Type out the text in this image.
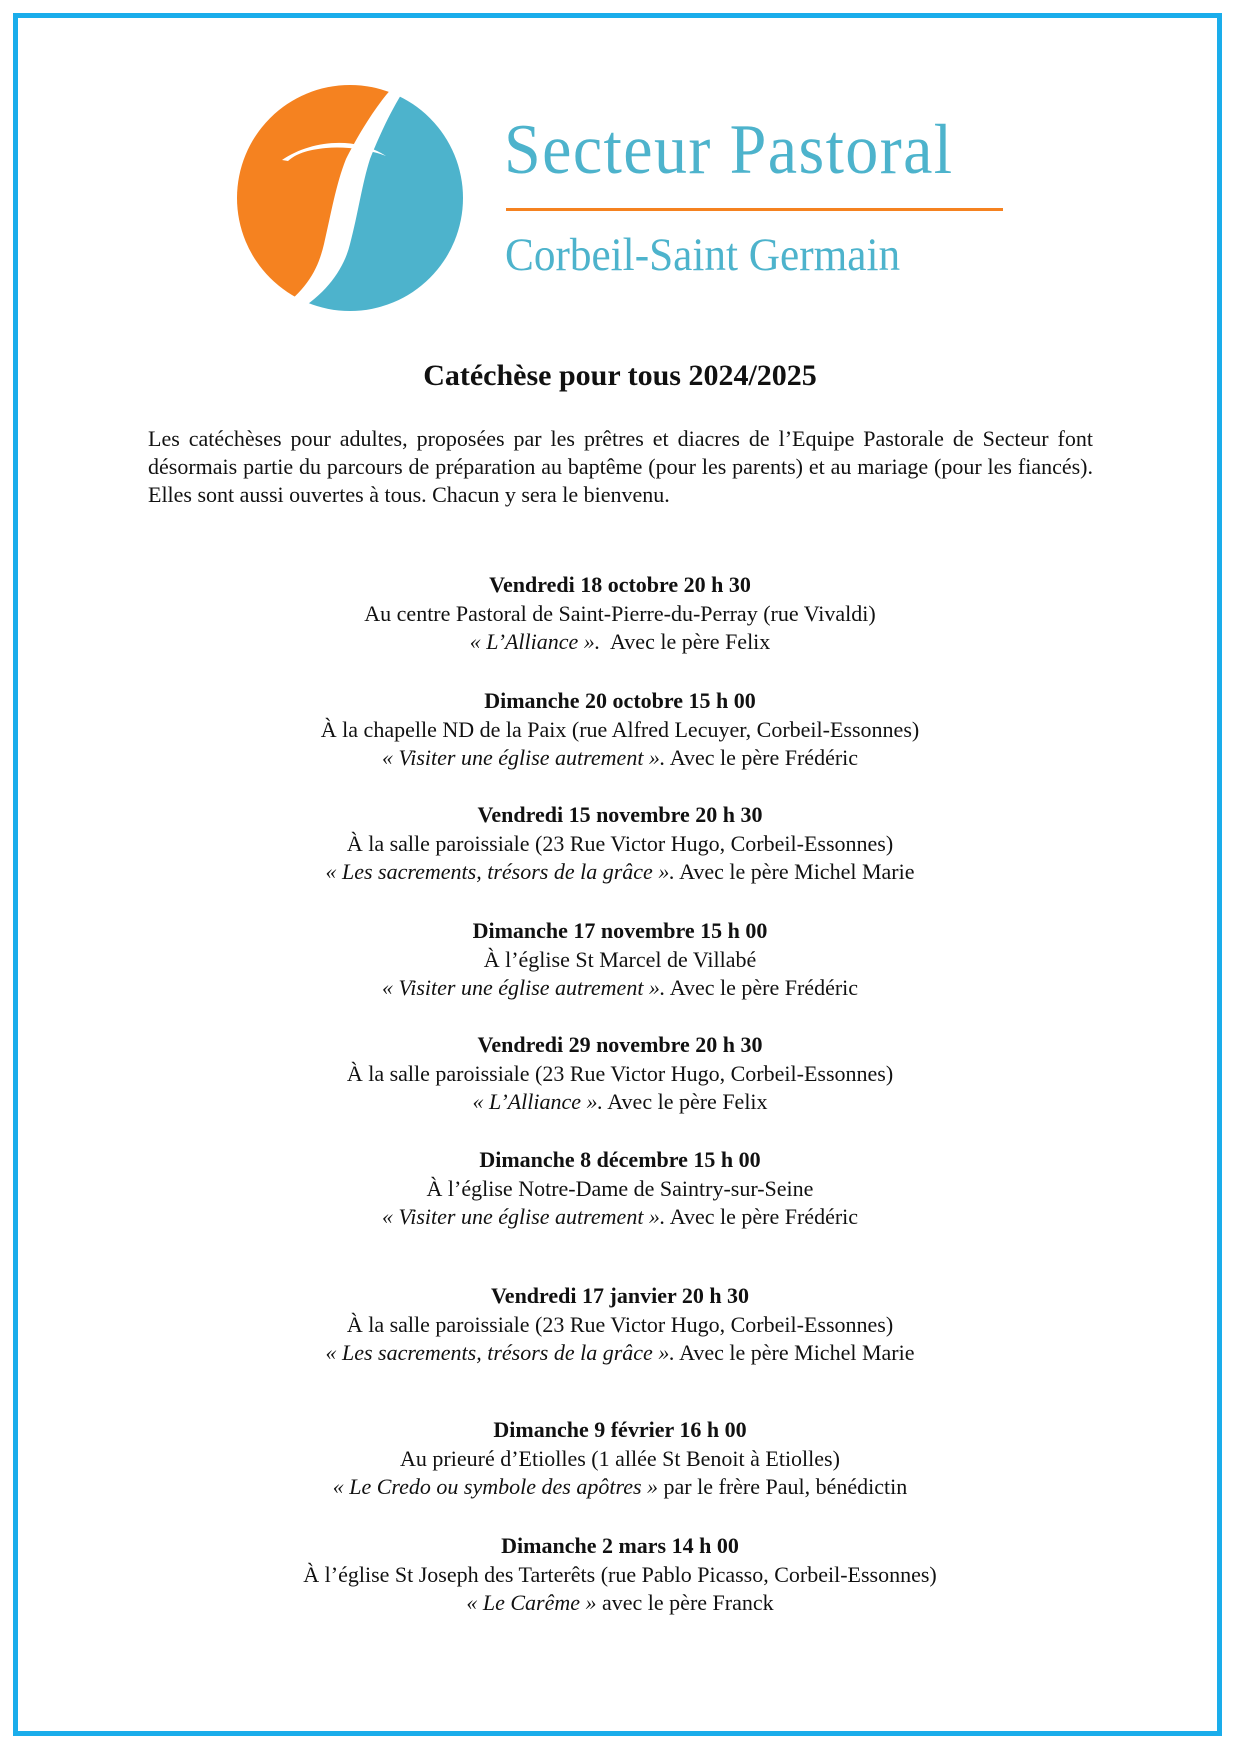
Secteur Pastoral
Corbeil-Saint Germain
Catéchèse pour tous 2024/2025

Les catéchèses pour adultes, proposées par les prêtres et diacres de l’Equipe Pastorale de Secteur font désormais partie du parcours de préparation au baptême (pour les parents) et au mariage (pour les fiancés). Elles sont aussi ouvertes à tous. Chacun y sera le bienvenu.

Vendredi 18 octobre 20 h 30
Au centre Pastoral de Saint-Pierre-du-Perray (rue Vivaldi)
« L’Alliance ».  Avec le père Felix
Dimanche 20 octobre 15 h 00
À la chapelle ND de la Paix (rue Alfred Lecuyer, Corbeil-Essonnes)
« Visiter une église autrement ». Avec le père Frédéric
Vendredi 15 novembre 20 h 30
À la salle paroissiale (23 Rue Victor Hugo, Corbeil-Essonnes)
« Les sacrements, trésors de la grâce ». Avec le père Michel Marie
Dimanche 17 novembre 15 h 00
À l’église St Marcel de Villabé
« Visiter une église autrement ». Avec le père Frédéric
Vendredi 29 novembre 20 h 30
À la salle paroissiale (23 Rue Victor Hugo, Corbeil-Essonnes)
« L’Alliance ». Avec le père Felix
Dimanche 8 décembre 15 h 00
À l’église Notre-Dame de Saintry-sur-Seine
« Visiter une église autrement ». Avec le père Frédéric
Vendredi 17 janvier 20 h 30
À la salle paroissiale (23 Rue Victor Hugo, Corbeil-Essonnes)
« Les sacrements, trésors de la grâce ». Avec le père Michel Marie
Dimanche 9 février 16 h 00
Au prieuré d’Etiolles (1 allée St Benoit à Etiolles)
« Le Credo ou symbole des apôtres » par le frère Paul, bénédictin
Dimanche 2 mars 14 h 00
À l’église St Joseph des Tarterêts (rue Pablo Picasso, Corbeil-Essonnes)
« Le Carême » avec le père Franck
